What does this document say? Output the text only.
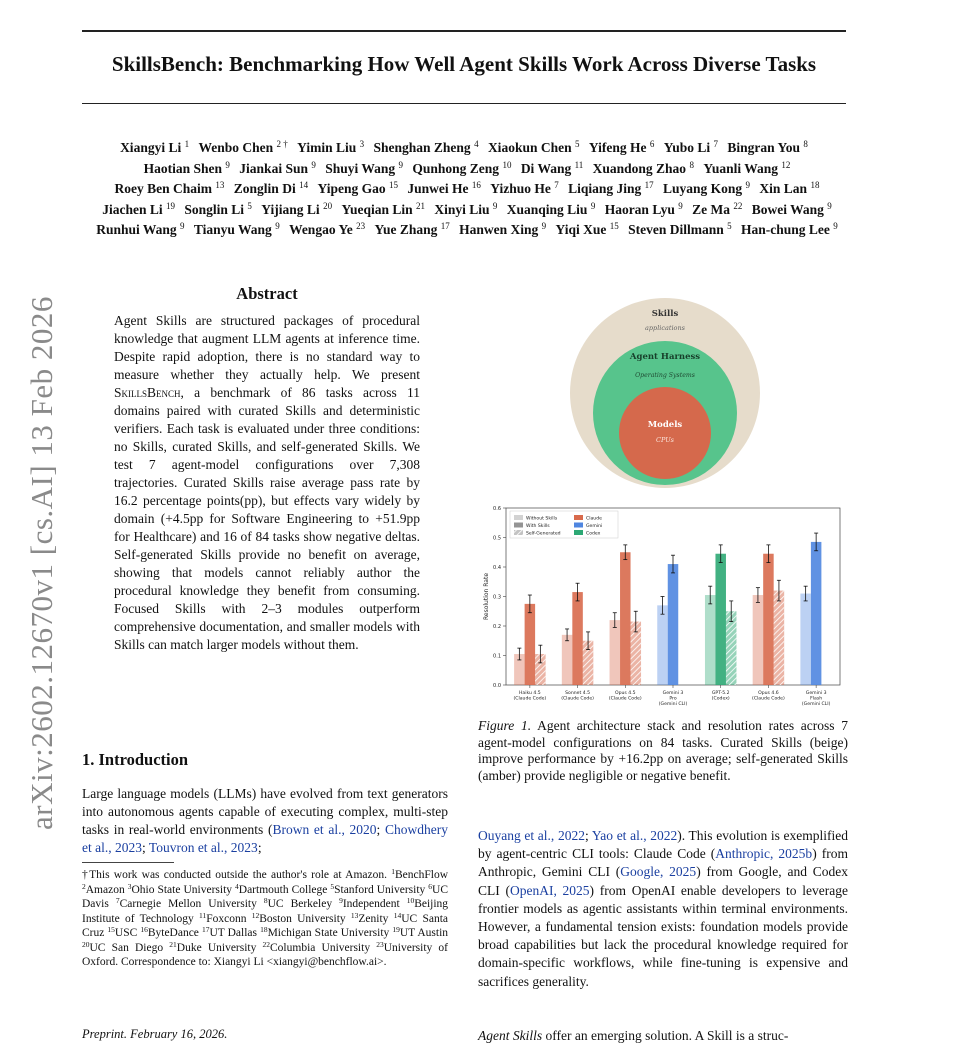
SkillsBench: Benchmarking How Well Agent Skills Work Across Diverse Tasks
Xiangyi Li $^1$ Wenbo Chen $^{2 \dagger}$ Yimin Liu $^3$ Shenghan Zheng $^4$ Xiaokun Chen $^5$ Yifeng He $^6$ Yubo Li $^7$ Bingran You $^8$ Haotian Shen $^9$ Jiankai Sun $^9$ Shuyi Wang $^9$ Qunhong Zeng $^{10}$ Di Wang $^{11}$ Xuandong Zhao $^8$ Yuanli Wang $^{12}$ Roey Ben Chaim $^{13}$ Zonglin Di $^{14}$ Yipeng Gao $^{15}$ Junwei He $^{16}$ Yizhuo He $^7$ Liqiang Jing $^{17}$ Luyang Kong $^9$ Xin Lan $^{18}$ Jiachen Li $^{19}$ Songlin Li $^5$ Yijiang Li $^{20}$ Yueqian Lin $^{21}$ Xinyi Liu $^9$ Xuanqing Liu $^9$ Haoran Lyu $^9$ Ze Ma $^{22}$ Bowei Wang $^9$ Runhui Wang $^9$ Tianyu Wang $^9$ Wengao Ye $^{23}$ Yue Zhang $^{17}$ Hanwen Xing $^9$ Yiqi Xue $^{15}$ Steven Dillmann $^5$ Han-chung Lee $^9$
arXiv:2602.12670v1 [cs.AI] 13 Feb 2026
Abstract

Agent Skills are structured packages of procedural knowledge that augment LLM agents at inference time. Despite rapid adoption, there is no standard way to measure whether they actually help. We present SkillsBench, a benchmark of 86 tasks across 11 domains paired with curated Skills and deterministic verifiers. Each task is evaluated under three conditions: no Skills, curated Skills, and self-generated Skills. We test 7 agent-model configurations over 7,308 trajectories. Curated Skills raise average pass rate by 16.2 percentage points(pp), but effects vary widely by domain (+4.5pp for Software Engineering to +51.9pp for Healthcare) and 16 of 84 tasks show negative deltas. Self-generated Skills provide no benefit on average, showing that models cannot reliably author the procedural knowledge they benefit from consuming. Focused Skills with 2–3 modules outperform comprehensive documentation, and smaller models with Skills can match larger models without them.

1. Introduction

Large language models (LLMs) have evolved from text generators into autonomous agents capable of executing complex, multi-step tasks in real-world environments (Brown et al., 2020; Chowdhery et al., 2023; Touvron et al., 2023;

†This work was conducted outside the author's role at Amazon. $^1$BenchFlow $^2$Amazon $^3$Ohio State University $^4$Dartmouth College $^5$Stanford University $^6$UC Davis $^7$Carnegie Mellon University $^8$UC Berkeley $^9$Independent $^{10}$Beijing Institute of Technology $^{11}$Foxconn $^{12}$Boston University $^{13}$Zenity $^{14}$UC Santa Cruz $^{15}$USC $^{16}$ByteDance $^{17}$UT Dallas $^{18}$Michigan State University $^{19}$UT Austin $^{20}$UC San Diego $^{21}$Duke University $^{22}$Columbia University $^{23}$University of Oxford. Correspondence to: Xiangyi Li <xiangyi@benchflow.ai>.

Preprint. February 16, 2026.

Skills
applications
Agent Harness
Operating Systems
Models
CPUs
0.0
0.1
0.2
0.3
0.4
0.5
0.6
Resolution Rate
Haiku 4.5
(Claude Code)
Sonnet 4.5
(Claude Code)
Opus 4.5
(Claude Code)
Gemini 3
Pro
(Gemini CLI)
GPT-5.2
(Codex)
Opus 4.6
(Claude Code)
Gemini 3
Flash
(Gemini CLI)
Without Skills
With Skills
Self-Generated
Claude
Gemini
Codex

Figure 1. Agent architecture stack and resolution rates across 7 agent-model configurations on 84 tasks. Curated Skills (beige) improve performance by +16.2pp on average; self-generated Skills (amber) provide negligible or negative benefit.

Ouyang et al., 2022; Yao et al., 2022). This evolution is exemplified by agent-centric CLI tools: Claude Code (Anthropic, 2025b) from Anthropic, Gemini CLI (Google, 2025) from Google, and Codex CLI (OpenAI, 2025) from OpenAI enable developers to leverage frontier models as agentic assistants within terminal environments. However, a fundamental tension exists: foundation models provide broad capabilities but lack the procedural knowledge required for domain-specific workflows, while fine-tuning is expensive and sacrifices generality.

Agent Skills offer an emerging solution. A Skill is a struc-
